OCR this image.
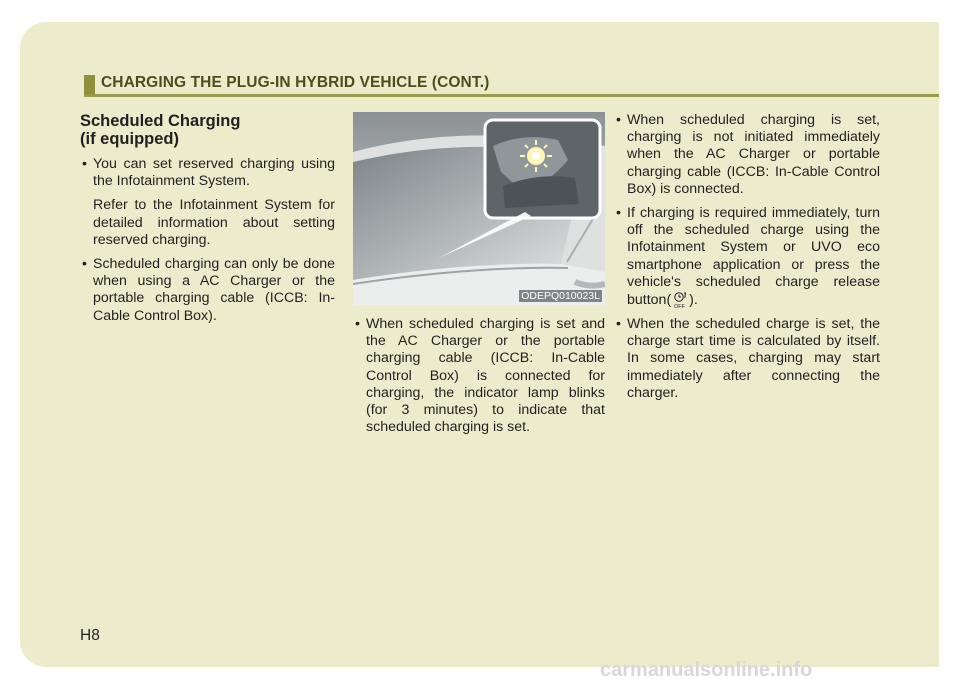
CHARGING THE PLUG-IN HYBRID VEHICLE (CONT.)
Scheduled Charging
(if equipped)
• You can set reserved charging using the Infotainment System.
Refer to the Infotainment System for detailed information about setting reserved charging.
• Scheduled charging can only be done when using a AC Charger or the portable charging cable (ICCB: In-Cable Control Box).
ODEPQ010023L
• When scheduled charging is set and the AC Charger or the portable charging cable (ICCB: In-Cable Control Box) is connected for charging, the indicator lamp blinks (for 3 minutes) to indicate that scheduled charging is set.
• When scheduled charging is set, charging is not initiated immediately when the AC Charger or portable charging cable (ICCB: In-Cable Control Box) is connected.
• If charging is required immediately, turn off the scheduled charge using the Infotainment System or UVO eco smartphone application or press the vehicle's scheduled charge release button( OFF ).
• When the scheduled charge is set, the charge start time is calculated by itself. In some cases, charging may start immediately after connecting the charger.
H8
carmanualsonline.info
